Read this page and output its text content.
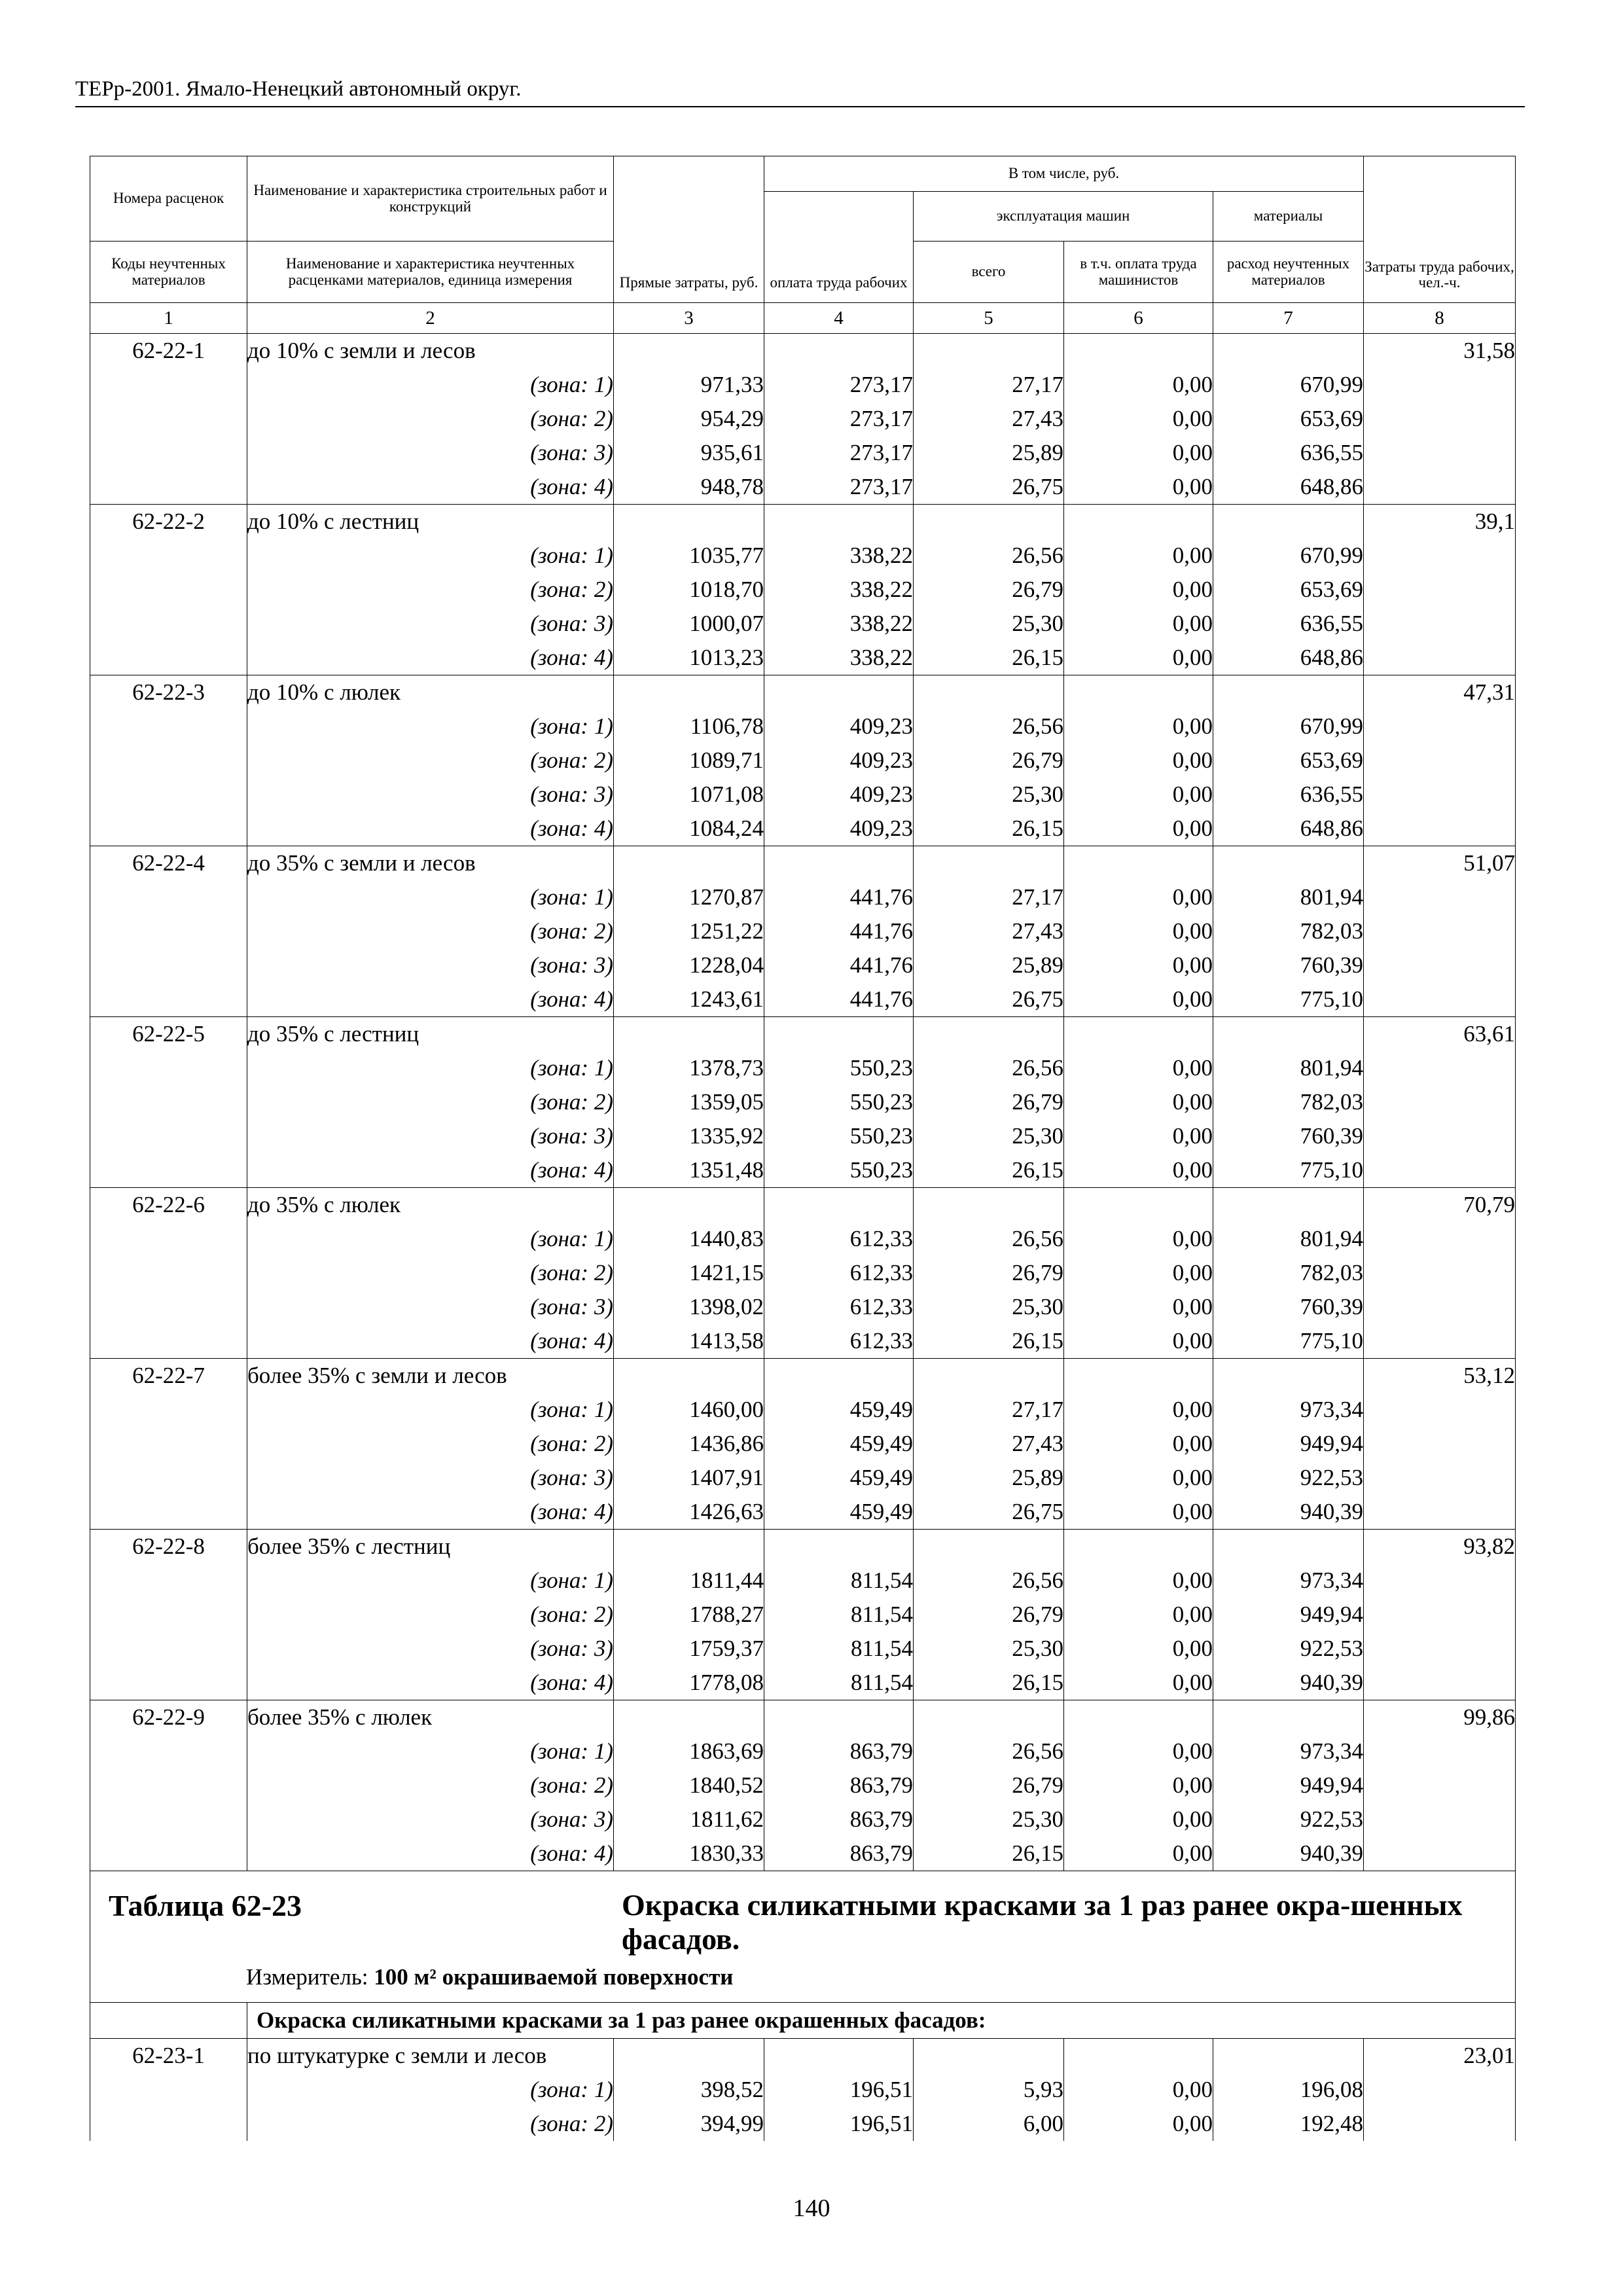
ТЕРр-2001. Ямало-Ненецкий автономный округ.
Номера расценок	Наименование и характеристика строительных работ и конструкций	Прямые затраты, руб.	В том числе, руб.				Затраты труда рабочих, чел.-ч.
			оплата труда рабочих	эксплуатация машин		материалы	
Коды неучтенных материалов	Наименование и характеристика неучтенных расценками материалов, единица измерения			всего	в т.ч. оплата труда машинистов	расход неучтенных материалов	
1	2	3	4	5	6	7	8
62-22-1	до 10% с земли и лесов						31,58
	(зона: 1)	971,33	273,17	27,17	0,00	670,99	
	(зона: 2)	954,29	273,17	27,43	0,00	653,69	
	(зона: 3)	935,61	273,17	25,89	0,00	636,55	
	(зона: 4)	948,78	273,17	26,75	0,00	648,86	
62-22-2	до 10% с лестниц						39,1
	(зона: 1)	1035,77	338,22	26,56	0,00	670,99	
	(зона: 2)	1018,70	338,22	26,79	0,00	653,69	
	(зона: 3)	1000,07	338,22	25,30	0,00	636,55	
	(зона: 4)	1013,23	338,22	26,15	0,00	648,86	
62-22-3	до 10% с люлек						47,31
	(зона: 1)	1106,78	409,23	26,56	0,00	670,99	
	(зона: 2)	1089,71	409,23	26,79	0,00	653,69	
	(зона: 3)	1071,08	409,23	25,30	0,00	636,55	
	(зона: 4)	1084,24	409,23	26,15	0,00	648,86	
62-22-4	до 35% с земли и лесов						51,07
	(зона: 1)	1270,87	441,76	27,17	0,00	801,94	
	(зона: 2)	1251,22	441,76	27,43	0,00	782,03	
	(зона: 3)	1228,04	441,76	25,89	0,00	760,39	
	(зона: 4)	1243,61	441,76	26,75	0,00	775,10	
62-22-5	до 35% с лестниц						63,61
	(зона: 1)	1378,73	550,23	26,56	0,00	801,94	
	(зона: 2)	1359,05	550,23	26,79	0,00	782,03	
	(зона: 3)	1335,92	550,23	25,30	0,00	760,39	
	(зона: 4)	1351,48	550,23	26,15	0,00	775,10	
62-22-6	до 35% с люлек						70,79
	(зона: 1)	1440,83	612,33	26,56	0,00	801,94	
	(зона: 2)	1421,15	612,33	26,79	0,00	782,03	
	(зона: 3)	1398,02	612,33	25,30	0,00	760,39	
	(зона: 4)	1413,58	612,33	26,15	0,00	775,10	
62-22-7	более 35% с земли и лесов						53,12
	(зона: 1)	1460,00	459,49	27,17	0,00	973,34	
	(зона: 2)	1436,86	459,49	27,43	0,00	949,94	
	(зона: 3)	1407,91	459,49	25,89	0,00	922,53	
	(зона: 4)	1426,63	459,49	26,75	0,00	940,39	
62-22-8	более 35% с лестниц						93,82
	(зона: 1)	1811,44	811,54	26,56	0,00	973,34	
	(зона: 2)	1788,27	811,54	26,79	0,00	949,94	
	(зона: 3)	1759,37	811,54	25,30	0,00	922,53	
	(зона: 4)	1778,08	811,54	26,15	0,00	940,39	
62-22-9	более 35% с люлек						99,86
	(зона: 1)	1863,69	863,79	26,56	0,00	973,34	
	(зона: 2)	1840,52	863,79	26,79	0,00	949,94	
	(зона: 3)	1811,62	863,79	25,30	0,00	922,53	
	(зона: 4)	1830,33	863,79	26,15	0,00	940,39	

Таблица 62-23 Окраска силикатными красками за 1 раз ранее окра-шенных фасадов.
Измеритель: 100 м² окрашиваемой поверхности							

	Окраска силикатными красками за 1 раз ранее окрашенных фасадов:						
62-23-1	по штукатурке с земли и лесов						23,01
	(зона: 1)	398,52	196,51	5,93	0,00	196,08	
	(зона: 2)	394,99	196,51	6,00	0,00	192,48	
140
